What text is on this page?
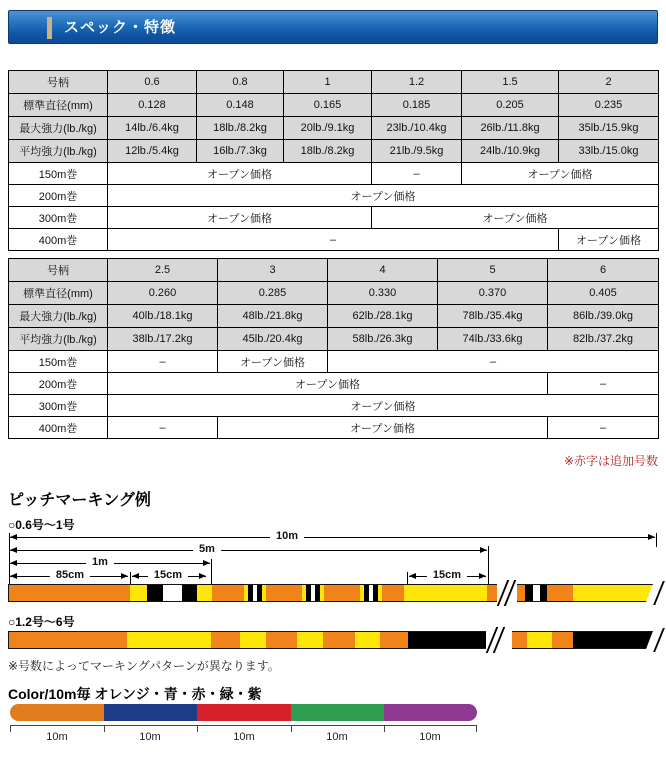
スペック・特徴
号柄	0.6	0.8	1	1.2	1.5	2
標準直径(mm)	0.128	0.148	0.165	0.185	0.205	0.235
最大強力(lb./kg)	14lb./6.4kg	18lb./8.2kg	20lb./9.1kg	23lb./10.4kg	26lb./11.8kg	35lb./15.9kg
平均強力(lb./kg)	12lb./5.4kg	16lb./7.3kg	18lb./8.2kg	21lb./9.5kg	24lb./10.9kg	33lb./15.0kg
150m巻	オープン価格			–	オープン価格	
200m巻	オープン価格					
300m巻	オープン価格			オープン価格		
400m巻	–					オープン価格
号柄	2.5	3	4	5	6
標準直径(mm)	0.260	0.285	0.330	0.370	0.405
最大強力(lb./kg)	40lb./18.1kg	48lb./21.8kg	62lb./28.1kg	78lb./35.4kg	86lb./39.0kg
平均強力(lb./kg)	38lb./17.2kg	45lb./20.4kg	58lb./26.3kg	74lb./33.6kg	82lb./37.2kg
150m巻	–	オープン価格	–		
200m巻	オープン価格				–
300m巻	オープン価格				
400m巻	–	オープン価格			–
※赤字は追加号数
ピッチマーキング例
○0.6号～1号
10m
5m
1m
85cm	15cm	15cm
○1.2号～6号
※号数によってマーキングパターンが異なります。
Color/10m毎 オレンジ・青・赤・緑・紫
10m	10m	10m	10m	10m
